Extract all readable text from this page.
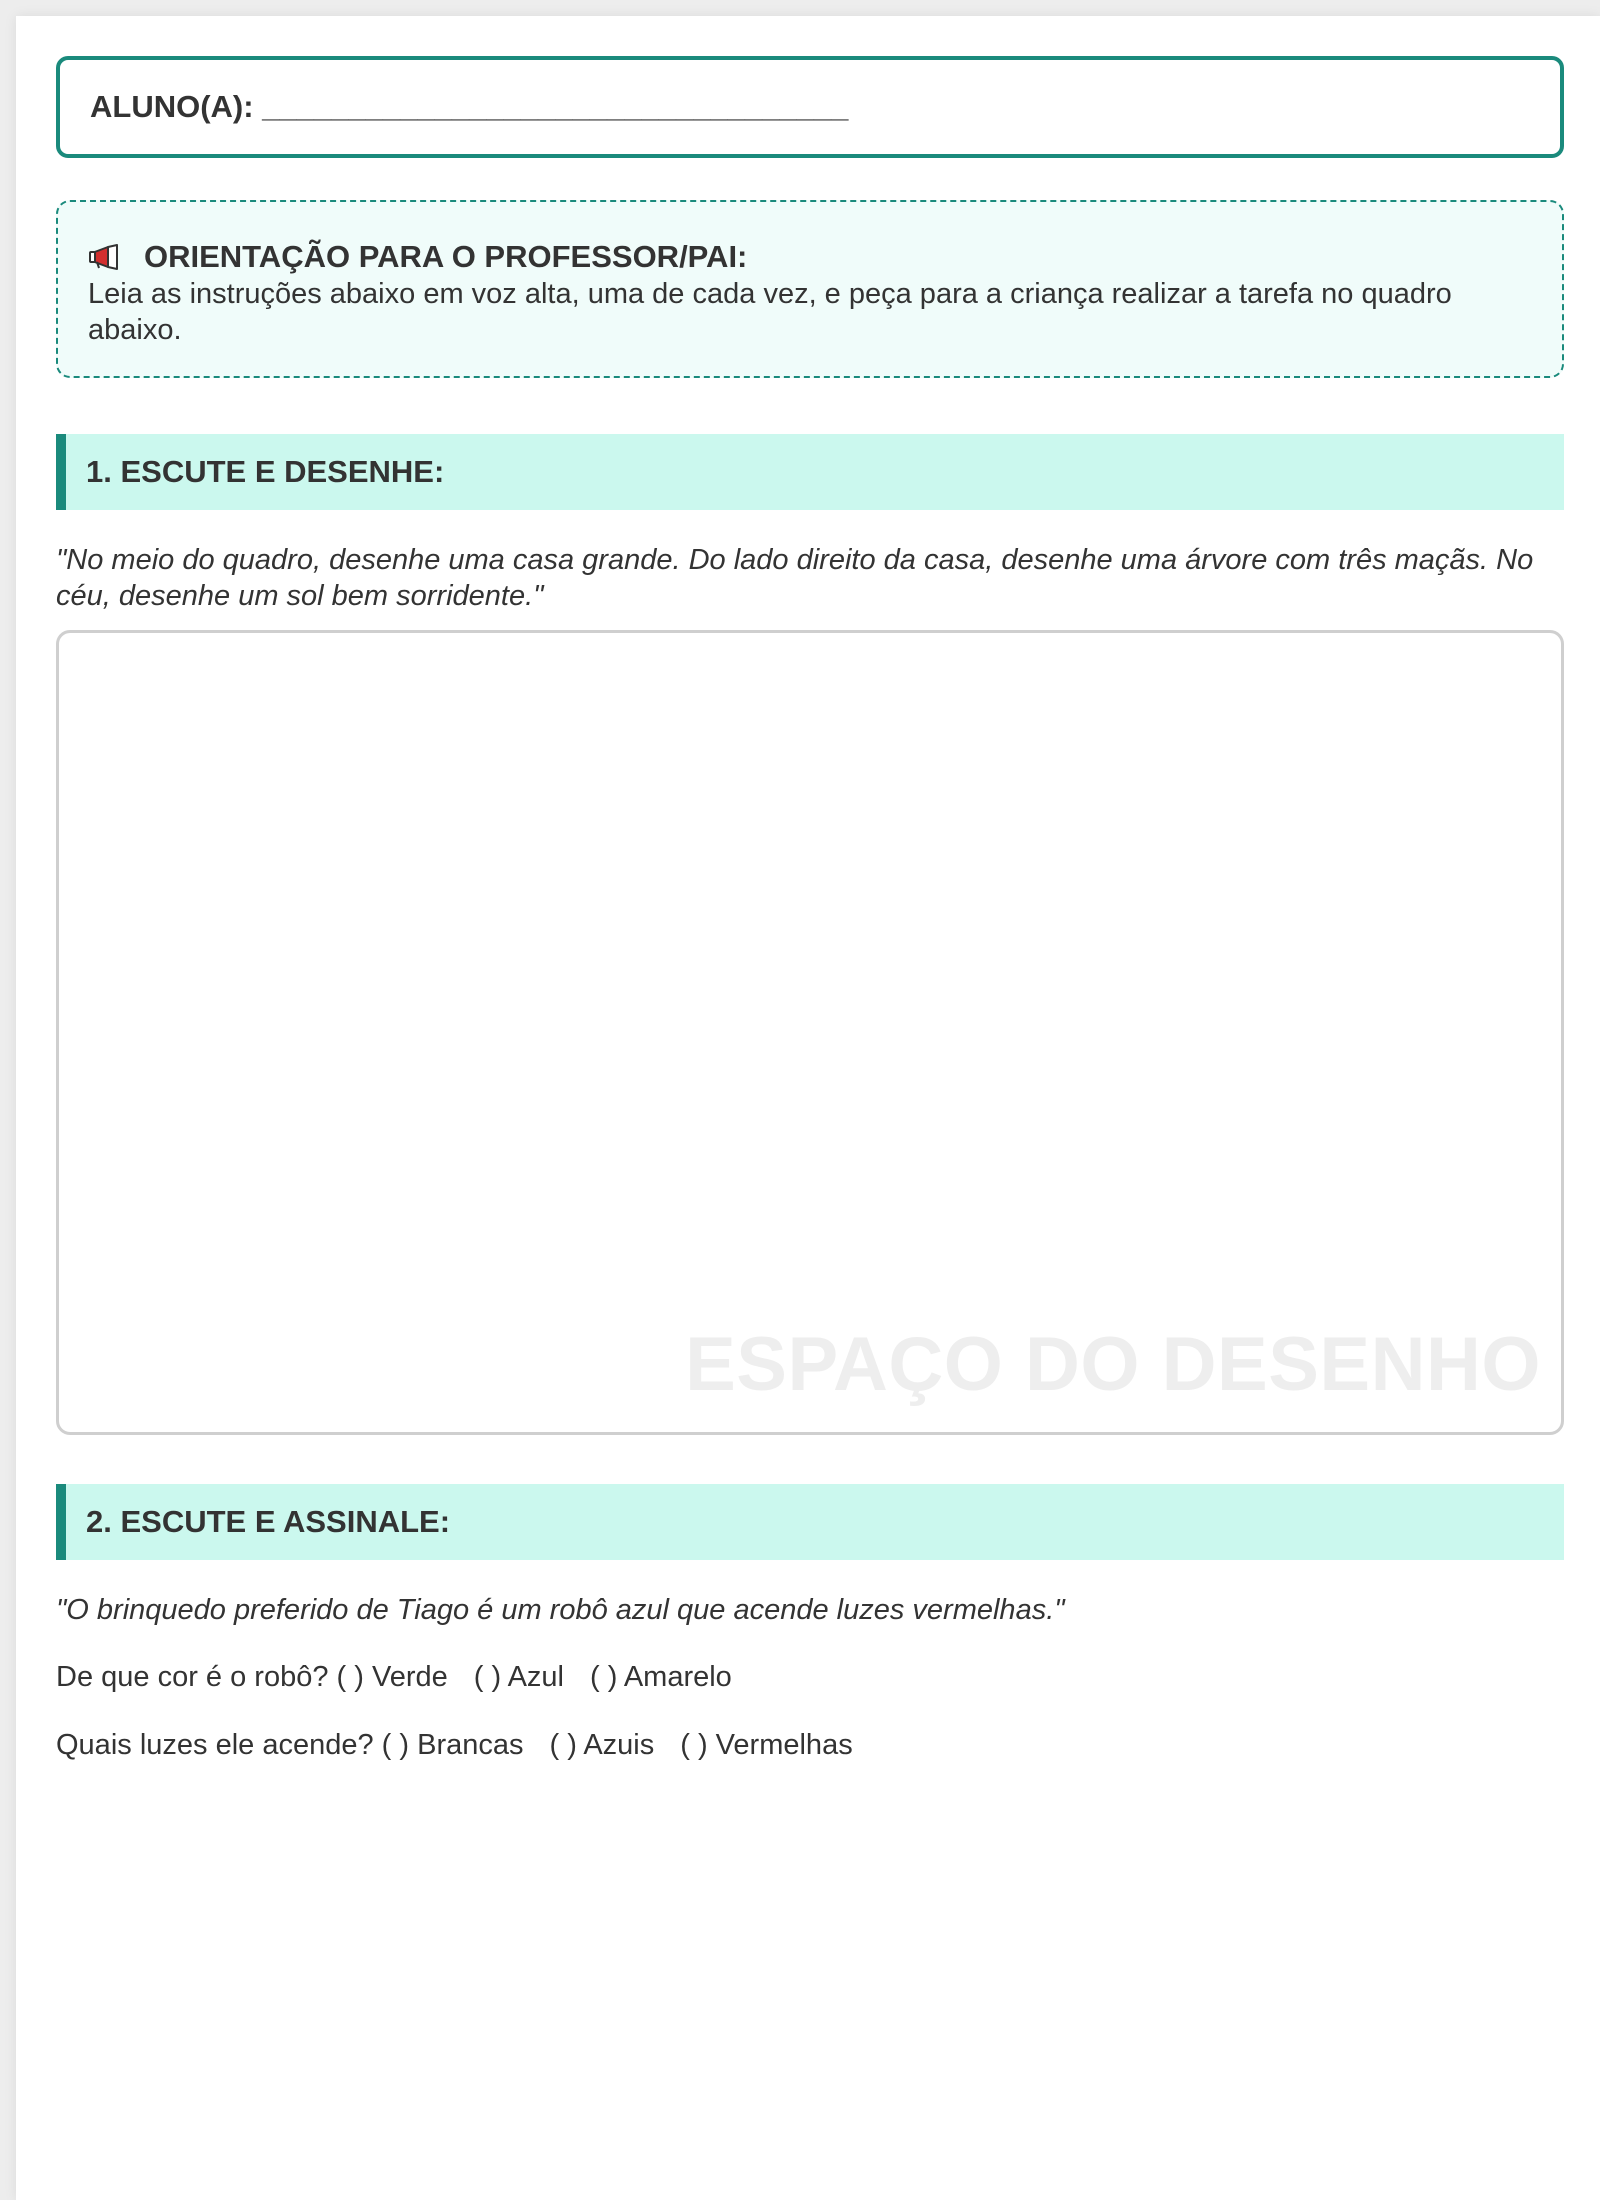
ALUNO(A): __________________________________
ORIENTAÇÃO PARA O PROFESSOR/PAI:
Leia as instruções abaixo em voz alta, uma de cada vez, e peça para a criança realizar a tarefa no quadro abaixo.
1. ESCUTE E DESENHE:
"No meio do quadro, desenhe uma casa grande. Do lado direito da casa, desenhe uma árvore com três maçãs. No céu, desenhe um sol bem sorridente."
ESPAÇO DO DESENHO
2. ESCUTE E ASSINALE:
"O brinquedo preferido de Tiago é um robô azul que acende luzes vermelhas."
De que cor é o robô? ( ) Verde ( ) Azul ( ) Amarelo
Quais luzes ele acende? ( ) Brancas ( ) Azuis ( ) Vermelhas
